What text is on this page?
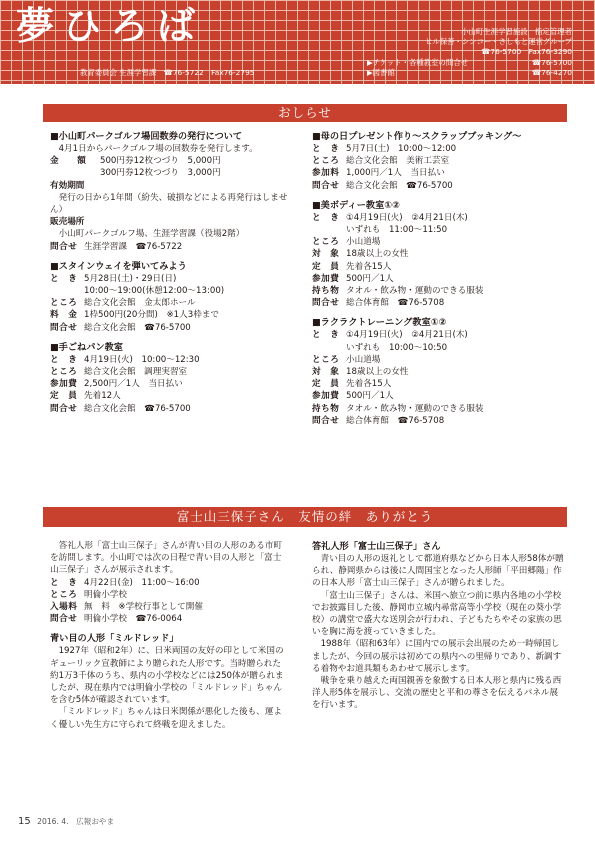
夢ひろば	小山町生涯学習施設　指定管理者
ヒル保善・シンコー・さしもと運営グループ
☎76-5700　Fax76-3290
▶チケット・各種教室の問合せ	☎76-5700
▶図書館	☎76-4270
教育委員会 生涯学習課　☎76-5722　Fax76-2795
おしらせ

■小山町パークゴルフ場回数券の発行について

4月1日からパークゴルフ場の回数券を発行します。

金　　額	500円券12枚つづり　5,000円

300円券12枚つづり　3,000円

有効期間

発行の日から1年間（紛失、破損などによる再発行はしません）

販売場所

小山町パークゴルフ場、生涯学習課（役場2階）

問合せ 生涯学習課　☎76-5722

■スタインウェイを弾いてみよう

と　き 5月28日(土)・29日(日)

10:00～19:00(休憩12:00～13:00)

ところ 総合文化会館　金太郎ホール
料　金 1枠500円(20分間)　※1人3枠まで
問合せ 総合文化会館　☎76-5700

■手ごねパン教室

と　き 4月19日(火)　10:00～12:30
ところ 総合文化会館　調理実習室
参加費 2,500円／1人　当日払い
定　員 先着12人
問合せ 総合文化会館　☎76-5700

■母の日プレゼント作り～スクラップブッキング～

と　き 5月7日(土)　10:00～12:00
ところ 総合文化会館　美術工芸室
参加料 1,000円／1人　当日払い
問合せ 総合文化会館　☎76-5700

■美ボディー教室①②

と　き ①4月19日(火)　②4月21日(木)

いずれも　11:00～11:50

ところ 小山道場
対　象 18歳以上の女性
定　員 先着各15人
参加費 500円／1人
持ち物 タオル・飲み物・運動のできる服装
問合せ 総合体育館　☎76-5708

■ラクラクトレーニング教室①②

と　き ①4月19日(火)　②4月21日(木)

いずれも　10:00～10:50

ところ 小山道場
対　象 18歳以上の女性
定　員 先着各15人
参加費 500円／1人
持ち物 タオル・飲み物・運動のできる服装
問合せ 総合体育館　☎76-5708
富士山三保子さん　友情の絆　ありがとう

答礼人形「富士山三保子」さんが青い目の人形のある市町を訪問します。小山町では次の日程で青い目の人形と「富士山三保子」さんが展示されます。

と　き 4月22日(金)　11:00～16:00
ところ 明倫小学校
入場料 無　料　※学校行事として開催
問合せ 明倫小学校　☎76-0064

青い目の人形「ミルドレッド」

1927年（昭和2年）に、日米両国の友好の印として米国のギューリック宣教師により贈られた人形です。当時贈られた約1万3千体のうち、県内の小学校などには250体が贈られましたが、現在県内では明倫小学校の「ミルドレッド」ちゃんを含む5体が確認されています。

「ミルドレッド」ちゃんは日米関係が悪化した後も、運よく優しい先生方に守られて終戦を迎えました。

答礼人形「富士山三保子」さん

青い目の人形の返礼として都道府県などから日本人形58体が贈られ、静岡県からは後に人間国宝となった人形師「平田郷陽」作の日本人形「富士山三保子」さんが贈られました。

「富士山三保子」さんは、米国へ旅立つ前に県内各地の小学校でお披露目した後、静岡市立城内尋常高等小学校（現在の葵小学校）の講堂で盛大な送別会が行われ、子どもたちやその家族の思いを胸に海を渡っていきました。

1988年（昭和63年）に国内での展示会出展のため一時帰国しましたが、今回の展示は初めての県内への里帰りであり、新調する着物やお道具類もあわせて展示します。

戦争を乗り越えた両国親善を象徴する日本人形と県内に残る西洋人形5体を展示し、交流の歴史と平和の尊さを伝えるパネル展を行います。

15 2016. 4.　広報おやま
